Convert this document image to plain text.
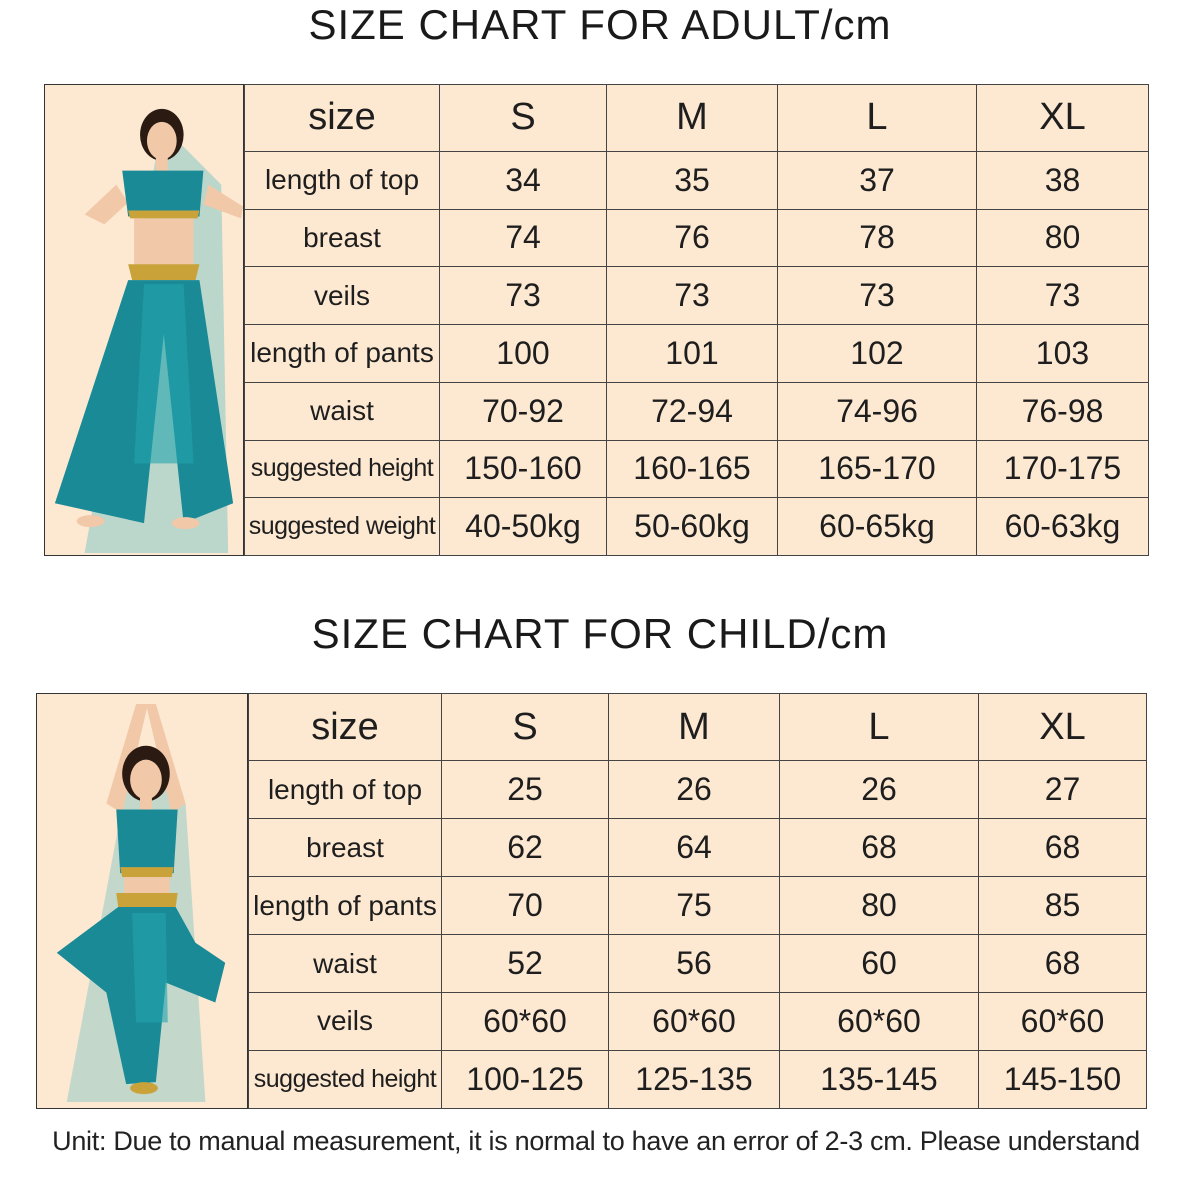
SIZE CHART FOR ADULT/cm
size	S	M	L	XL
length of top	34	35	37	38
breast	74	76	78	80
veils	73	73	73	73
length of pants	100	101	102	103
waist	70-92	72-94	74-96	76-98
suggested height	150-160	160-165	165-170	170-175
suggested weight	40-50kg	50-60kg	60-65kg	60-63kg
SIZE CHART FOR CHILD/cm
size	S	M	L	XL
length of top	25	26	26	27
breast	62	64	68	68
length of pants	70	75	80	85
waist	52	56	60	68
veils	60*60	60*60	60*60	60*60
suggested height	100-125	125-135	135-145	145-150
Unit: Due to manual measurement, it is normal to have an error of 2-3 cm. Please understand
